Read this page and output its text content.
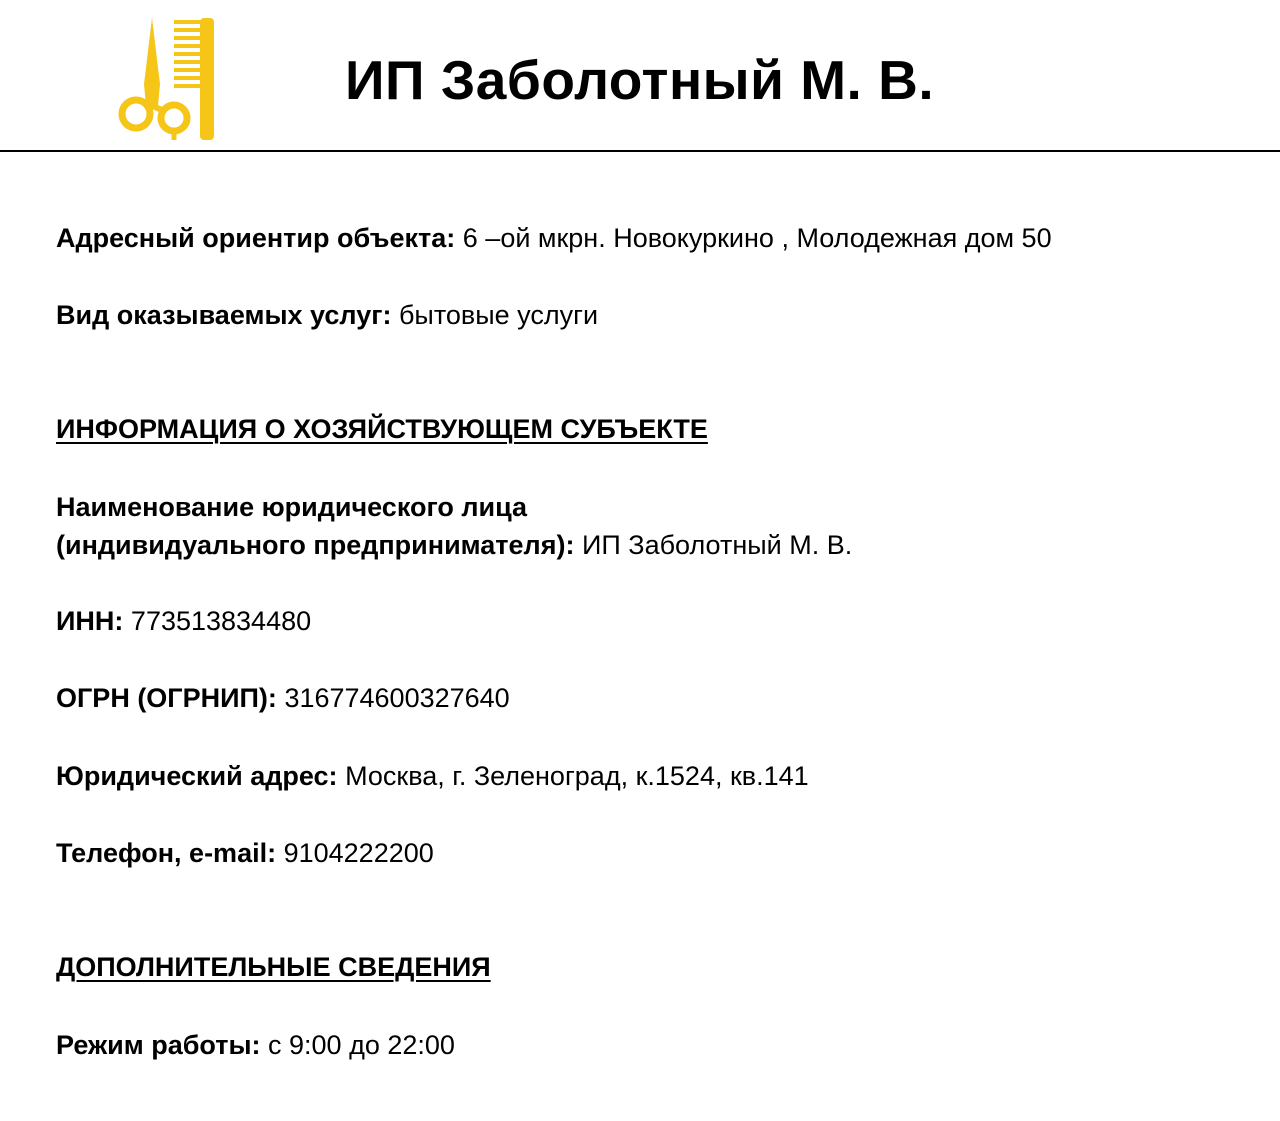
ИП Заболотный М. В.
Адресный ориентир объекта: 6 –ой мкрн. Новокуркино , Молодежная дом 50
Вид оказываемых услуг: бытовые услуги
ИНФОРМАЦИЯ О ХОЗЯЙСТВУЮЩЕМ СУБЪЕКТЕ
Наименование юридического лица
(индивидуального предпринимателя): ИП Заболотный М. В.
ИНН: 773513834480
ОГРН (ОГРНИП): 316774600327640
Юридический адрес: Москва, г. Зеленоград, к.1524, кв.141
Телефон, e-mail: 9104222200
ДОПОЛНИТЕЛЬНЫЕ СВЕДЕНИЯ
Режим работы: с 9:00 до 22:00
